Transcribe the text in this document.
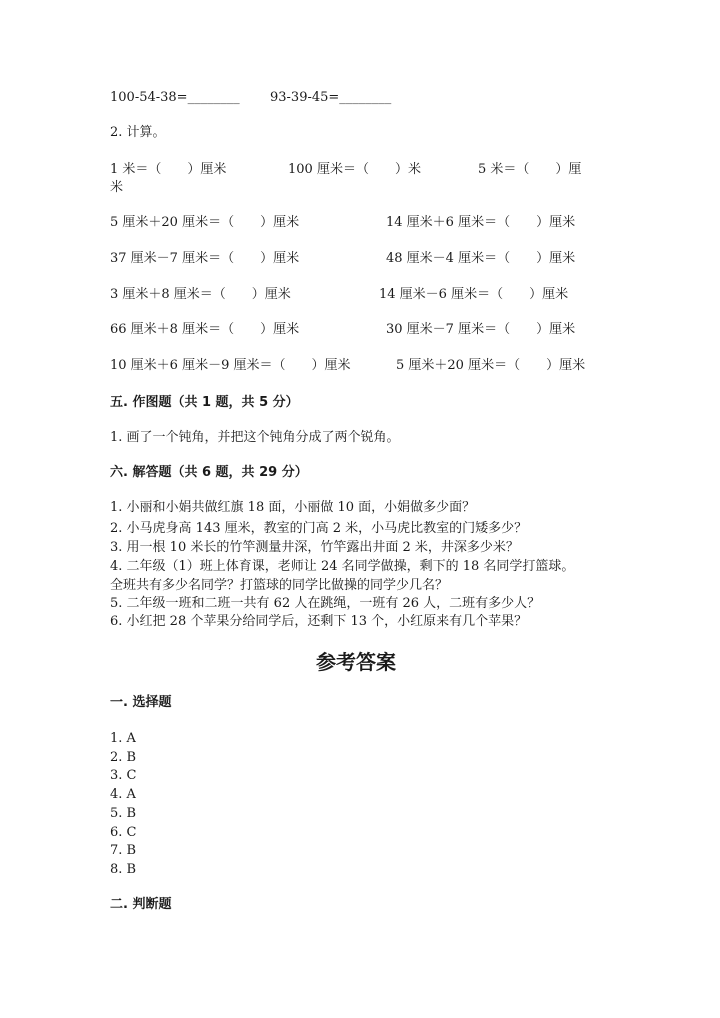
100-54-38=________ 93-39-45=________
2. 计算。
1 米＝（　　）厘米	100 厘米＝（　　）米	5 米＝（　　）厘
米
5 厘米＋20 厘米＝（　　）厘米	14 厘米＋6 厘米＝（　　）厘米
37 厘米－7 厘米＝（　　）厘米	48 厘米－4 厘米＝（　　）厘米
3 厘米＋8 厘米＝（　　）厘米	14 厘米－6 厘米＝（　　）厘米
66 厘米＋8 厘米＝（　　）厘米	30 厘米－7 厘米＝（　　）厘米
10 厘米＋6 厘米－9 厘米＝（　　）厘米	5 厘米＋20 厘米＝（　　）厘米
五. 作图题（共 1 题，共 5 分）
1. 画了一个钝角，并把这个钝角分成了两个锐角。
六. 解答题（共 6 题，共 29 分）
1. 小丽和小娟共做红旗 18 面，小丽做 10 面，小娟做多少面？
2. 小马虎身高 143 厘米，教室的门高 2 米，小马虎比教室的门矮多少？
3. 用一根 10 米长的竹竿测量井深，竹竿露出井面 2 米，井深多少米？
4. 二年级（1）班上体育课，老师让 24 名同学做操，剩下的 18 名同学打篮球。
全班共有多少名同学？打篮球的同学比做操的同学少几名？
5. 二年级一班和二班一共有 62 人在跳绳，一班有 26 人，二班有多少人？
6. 小红把 28 个苹果分给同学后，还剩下 13 个，小红原来有几个苹果？
参考答案
一. 选择题
1. A
2. B
3. C
4. A
5. B
6. C
7. B
8. B
二. 判断题
